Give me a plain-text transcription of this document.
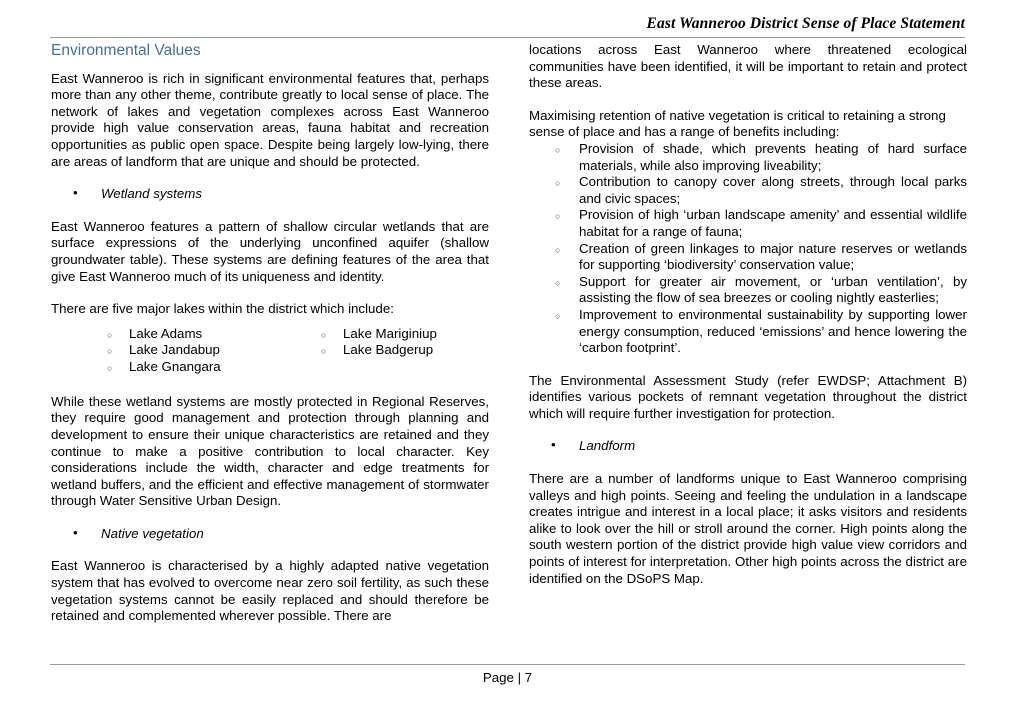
East Wanneroo District Sense of Place Statement
Environmental Values

East Wanneroo is rich in significant environmental features that, perhaps more than any other theme, contribute greatly to local sense of place. The network of lakes and vegetation complexes across East Wanneroo provide high value conservation areas, fauna habitat and recreation opportunities as public open space. Despite being largely low-lying, there are areas of landform that are unique and should be protected.

• Wetland systems

East Wanneroo features a pattern of shallow circular wetlands that are surface expressions of the underlying unconfined aquifer (shallow groundwater table). These systems are defining features of the area that give East Wanneroo much of its uniqueness and identity.

There are five major lakes within the district which include:

○ Lake Adams
○ Lake Jandabup
○ Lake Gnangara
○ Lake Mariginiup
○ Lake Badgerup

While these wetland systems are mostly protected in Regional Reserves, they require good management and protection through planning and development to ensure their unique characteristics are retained and they continue to make a positive contribution to local character. Key considerations include the width, character and edge treatments for wetland buffers, and the efficient and effective management of stormwater through Water Sensitive Urban Design.

• Native vegetation

East Wanneroo is characterised by a highly adapted native vegetation system that has evolved to overcome near zero soil fertility, as such these vegetation systems cannot be easily replaced and should therefore be retained and complemented wherever possible. There are

locations across East Wanneroo where threatened ecological communities have been identified, it will be important to retain and protect these areas.

Maximising retention of native vegetation is critical to retaining a strong sense of place and has a range of benefits including:

○ Provision of shade, which prevents heating of hard surface materials, while also improving liveability;
○ Contribution to canopy cover along streets, through local parks and civic spaces;
○ Provision of high ‘urban landscape amenity’ and essential wildlife habitat for a range of fauna;
○ Creation of green linkages to major nature reserves or wetlands for supporting ‘biodiversity’ conservation value;
○ Support for greater air movement, or ‘urban ventilation’, by assisting the flow of sea breezes or cooling nightly easterlies;
○ Improvement to environmental sustainability by supporting lower energy consumption, reduced ‘emissions’ and hence lowering the ‘carbon footprint’.

The Environmental Assessment Study (refer EWDSP; Attachment B) identifies various pockets of remnant vegetation throughout the district which will require further investigation for protection.

• Landform

There are a number of landforms unique to East Wanneroo comprising valleys and high points. Seeing and feeling the undulation in a landscape creates intrigue and interest in a local place; it asks visitors and residents alike to look over the hill or stroll around the corner. High points along the south western portion of the district provide high value view corridors and points of interest for interpretation. Other high points across the district are identified on the DSoPS Map.

Page | 7
